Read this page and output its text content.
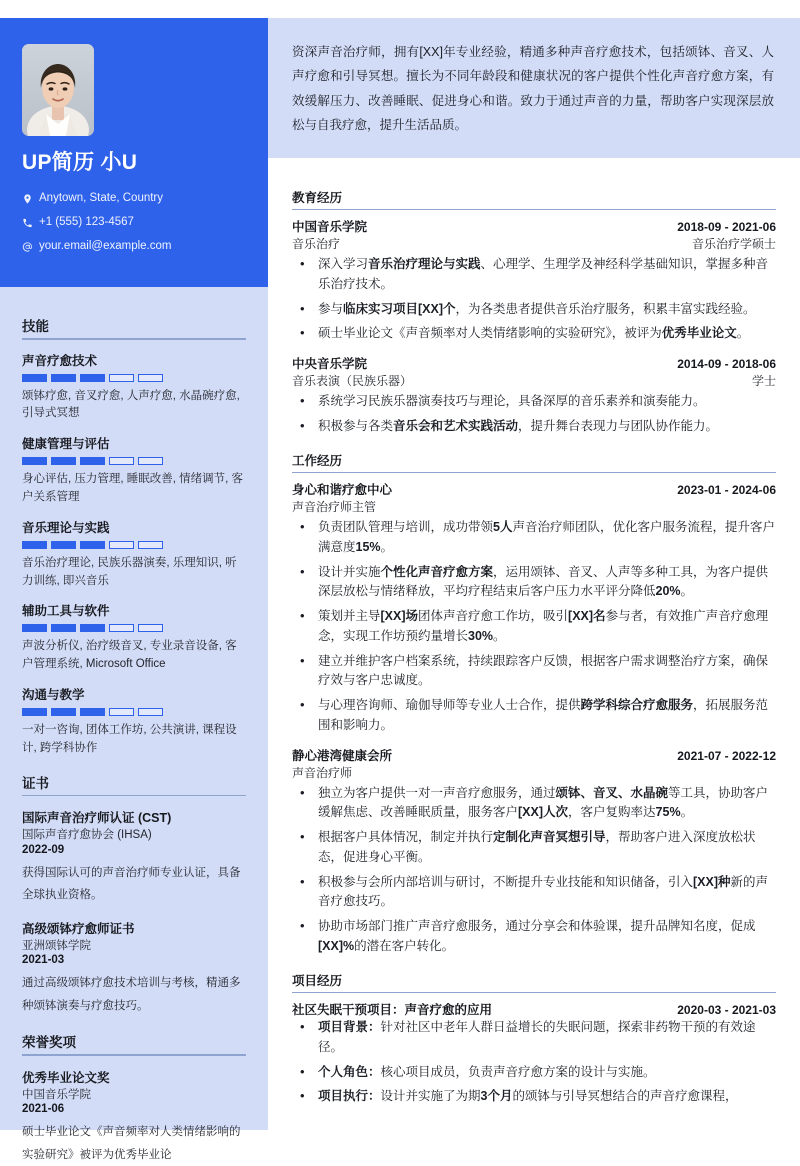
UP简历 小U
Anytown, State, Country
+1 (555) 123-4567
your.email@example.com
技能
声音疗愈技术
颂钵疗愈, 音叉疗愈, 人声疗愈, 水晶碗疗愈, 引导式冥想
健康管理与评估
身心评估, 压力管理, 睡眠改善, 情绪调节, 客户关系管理
音乐理论与实践
音乐治疗理论, 民族乐器演奏, 乐理知识, 听力训练, 即兴音乐
辅助工具与软件
声波分析仪, 治疗级音叉, 专业录音设备, 客户管理系统, Microsoft Office
沟通与教学
一对一咨询, 团体工作坊, 公共演讲, 课程设计, 跨学科协作
证书
国际声音治疗师认证 (CST)
国际声音疗愈协会 (IHSA)
2022-09
获得国际认可的声音治疗师专业认证，具备全球执业资格。
高级颂钵疗愈师证书
亚洲颂钵学院
2021-03
通过高级颂钵疗愈技术培训与考核，精通多种颂钵演奏与疗愈技巧。
荣誉奖项
优秀毕业论文奖
中国音乐学院
2021-06
硕士毕业论文《声音频率对人类情绪影响的实验研究》被评为优秀毕业论

资深声音治疗师，拥有[XX]年专业经验，精通多种声音疗愈技术，包括颂钵、音叉、人声疗愈和引导冥想。擅长为不同年龄段和健康状况的客户提供个性化声音疗愈方案，有效缓解压力、改善睡眠、促进身心和谐。致力于通过声音的力量，帮助客户实现深层放松与自我疗愈，提升生活品质。

教育经历
中国音乐学院	2018-09 - 2021-06
音乐治疗	音乐治疗学硕士
• 深入学习音乐治疗理论与实践、心理学、生理学及神经科学基础知识，掌握多种音乐治疗技术。
• 参与临床实习项目[XX]个，为各类患者提供音乐治疗服务，积累丰富实践经验。
• 硕士毕业论文《声音频率对人类情绪影响的实验研究》，被评为优秀毕业论文。
中央音乐学院	2014-09 - 2018-06
音乐表演（民族乐器）	学士
• 系统学习民族乐器演奏技巧与理论，具备深厚的音乐素养和演奏能力。
• 积极参与各类音乐会和艺术实践活动，提升舞台表现力与团队协作能力。
工作经历
身心和谐疗愈中心	2023-01 - 2024-06
声音治疗师主管
• 负责团队管理与培训，成功带领5人声音治疗师团队，优化客户服务流程，提升客户满意度15%。
• 设计并实施个性化声音疗愈方案，运用颂钵、音叉、人声等多种工具，为客户提供深层放松与情绪释放，平均疗程结束后客户压力水平评分降低20%。
• 策划并主导[XX]场团体声音疗愈工作坊，吸引[XX]名参与者，有效推广声音疗愈理念，实现工作坊预约量增长30%。
• 建立并维护客户档案系统，持续跟踪客户反馈，根据客户需求调整治疗方案，确保疗效与客户忠诚度。
• 与心理咨询师、瑜伽导师等专业人士合作，提供跨学科综合疗愈服务，拓展服务范围和影响力。
静心港湾健康会所	2021-07 - 2022-12
声音治疗师
• 独立为客户提供一对一声音疗愈服务，通过颂钵、音叉、水晶碗等工具，协助客户缓解焦虑、改善睡眠质量，服务客户[XX]人次，客户复购率达75%。
• 根据客户具体情况，制定并执行定制化声音冥想引导，帮助客户进入深度放松状态，促进身心平衡。
• 积极参与会所内部培训与研讨，不断提升专业技能和知识储备，引入[XX]种新的声音疗愈技巧。
• 协助市场部门推广声音疗愈服务，通过分享会和体验课，提升品牌知名度，促成[XX]%的潜在客户转化。
项目经历
社区失眠干预项目：声音疗愈的应用	2020-03 - 2021-03
• 项目背景：针对社区中老年人群日益增长的失眠问题，探索非药物干预的有效途径。
• 个人角色：核心项目成员，负责声音疗愈方案的设计与实施。
• 项目执行：设计并实施了为期3个月的颂钵与引导冥想结合的声音疗愈课程，
